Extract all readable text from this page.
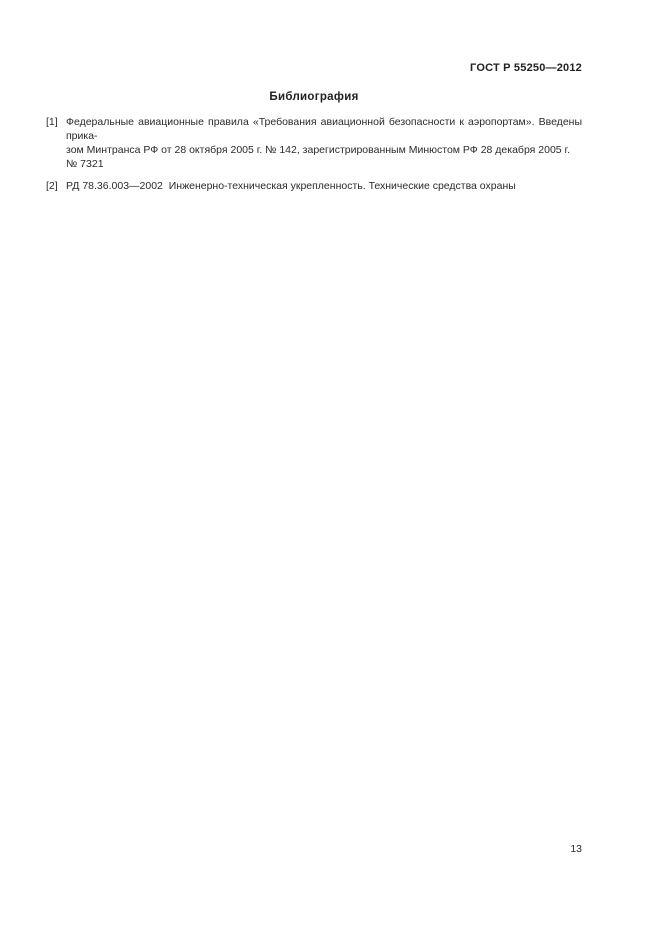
ГОСТ Р 55250—2012
Библиография
[1] Федеральные авиационные правила «Требования авиационной безопасности к аэропортам». Введены прика-
зом Минтранса РФ от 28 октября 2005 г. № 142, зарегистрированным Минюстом РФ 28 декабря 2005 г. № 7321
[2] РД 78.36.003—2002  Инженерно-техническая укрепленность. Технические средства охраны
13
